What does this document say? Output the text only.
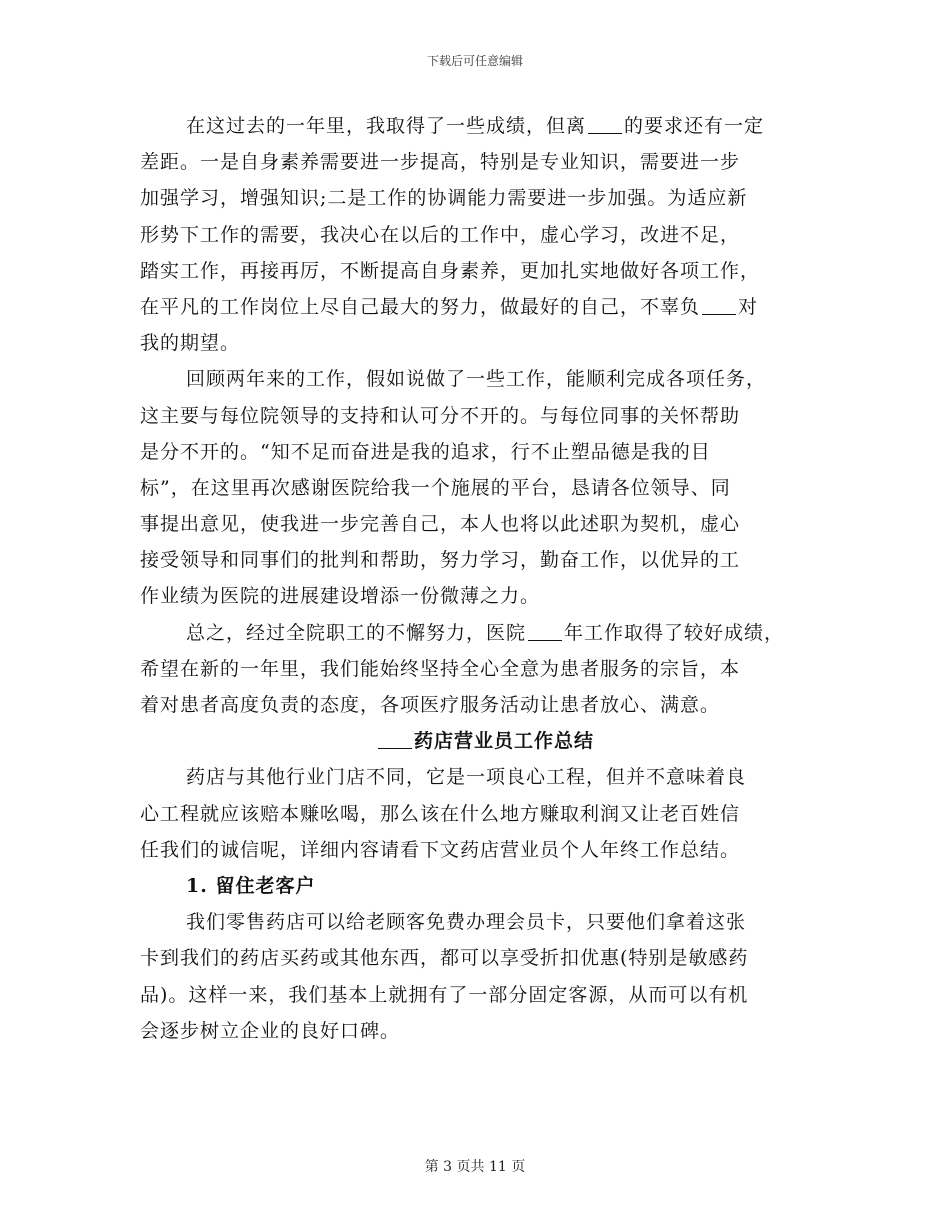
下载后可任意编辑
在这过去的一年里，我取得了一些成绩，但离 的要求还有一定
差距。一是自身素养需要进一步提高，特别是专业知识，需要进一步
加强学习，增强知识;二是工作的协调能力需要进一步加强。为适应新
形势下工作的需要，我决心在以后的工作中，虚心学习，改进不足，
踏实工作，再接再厉，不断提高自身素养，更加扎实地做好各项工作，
在平凡的工作岗位上尽自己最大的努力，做最好的自己，不辜负 对
我的期望。
回顾两年来的工作，假如说做了一些工作，能顺利完成各项任务，
这主要与每位院领导的支持和认可分不开的。与每位同事的关怀帮助
是分不开的。“知不足而奋进是我的追求，行不止塑品德是我的目
标”，在这里再次感谢医院给我一个施展的平台，恳请各位领导、同
事提出意见，使我进一步完善自己，本人也将以此述职为契机，虚心
接受领导和同事们的批判和帮助，努力学习，勤奋工作，以优异的工
作业绩为医院的进展建设增添一份微薄之力。
总之，经过全院职工的不懈努力，医院 年工作取得了较好成绩，
希望在新的一年里，我们能始终坚持全心全意为患者服务的宗旨，本
着对患者高度负责的态度，各项医疗服务活动让患者放心、满意。
药店营业员工作总结
药店与其他行业门店不同，它是一项良心工程，但并不意味着良
心工程就应该赔本赚吆喝，那么该在什么地方赚取利润又让老百姓信
任我们的诚信呢，详细内容请看下文药店营业员个人年终工作总结。
1. 留住老客户
我们零售药店可以给老顾客免费办理会员卡，只要他们拿着这张
卡到我们的药店买药或其他东西，都可以享受折扣优惠(特别是敏感药
品)。这样一来，我们基本上就拥有了一部分固定客源，从而可以有机
会逐步树立企业的良好口碑。
第 3 页共 11 页
